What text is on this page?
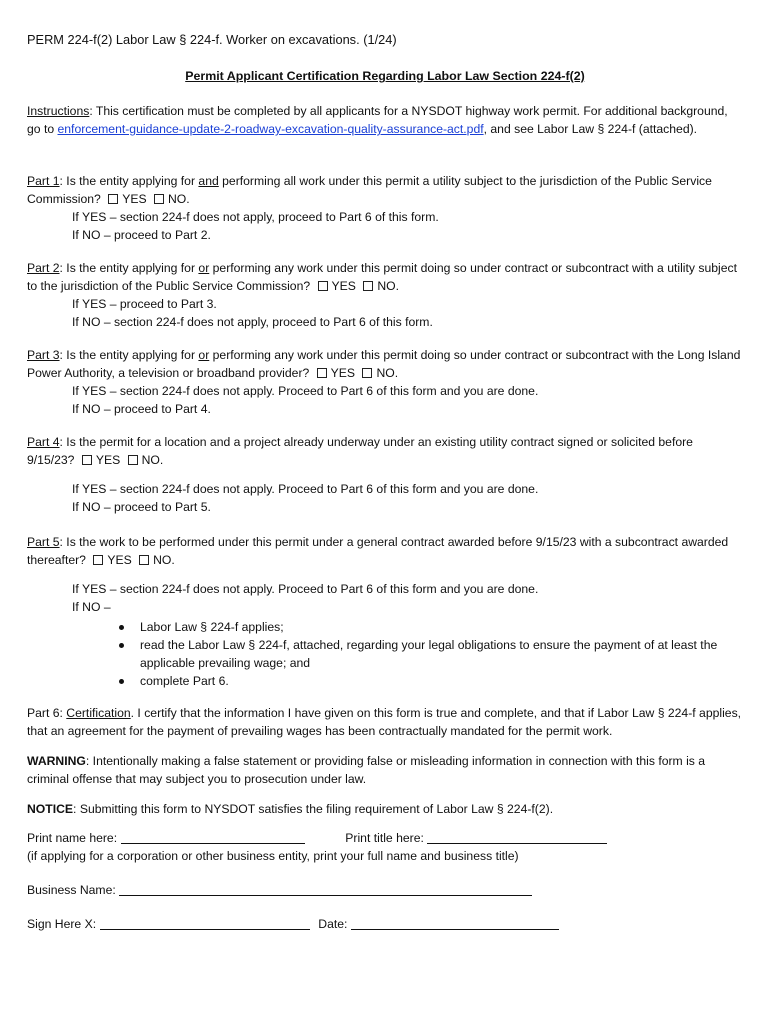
PERM 224-f(2) Labor Law § 224-f. Worker on excavations. (1/24)
Permit Applicant Certification Regarding Labor Law Section 224-f(2)
Instructions: This certification must be completed by all applicants for a NYSDOT highway work permit. For additional background, go to enforcement-guidance-update-2-roadway-excavation-quality-assurance-act.pdf, and see Labor Law § 224-f (attached).
Part 1: Is the entity applying for and performing all work under this permit a utility subject to the jurisdiction of the Public Service Commission? YES NO.
If YES – section 224-f does not apply, proceed to Part 6 of this form.
If NO – proceed to Part 2.
Part 2: Is the entity applying for or performing any work under this permit doing so under contract or subcontract with a utility subject to the jurisdiction of the Public Service Commission? YES NO.
If YES – proceed to Part 3.
If NO – section 224-f does not apply, proceed to Part 6 of this form.
Part 3: Is the entity applying for or performing any work under this permit doing so under contract or subcontract with the Long Island Power Authority, a television or broadband provider? YES NO.
If YES – section 224-f does not apply. Proceed to Part 6 of this form and you are done.
If NO – proceed to Part 4.
Part 4: Is the permit for a location and a project already underway under an existing utility contract signed or solicited before 9/15/23? YES NO.
If YES – section 224-f does not apply. Proceed to Part 6 of this form and you are done.
If NO – proceed to Part 5.
Part 5: Is the work to be performed under this permit under a general contract awarded before 9/15/23 with a subcontract awarded thereafter? YES NO.
If YES – section 224-f does not apply. Proceed to Part 6 of this form and you are done.
If NO –
Labor Law § 224-f applies;
read the Labor Law § 224-f, attached, regarding your legal obligations to ensure the payment of at least the applicable prevailing wage; and
complete Part 6.
Part 6: Certification. I certify that the information I have given on this form is true and complete, and that if Labor Law § 224-f applies, that an agreement for the payment of prevailing wages has been contractually mandated for the permit work.
WARNING: Intentionally making a false statement or providing false or misleading information in connection with this form is a criminal offense that may subject you to prosecution under law.
NOTICE: Submitting this form to NYSDOT satisfies the filing requirement of Labor Law § 224-f(2).
Print name here:	Print title here:
(if applying for a corporation or other business entity, print your full name and business title)
Business Name:
Sign Here X:	Date:
